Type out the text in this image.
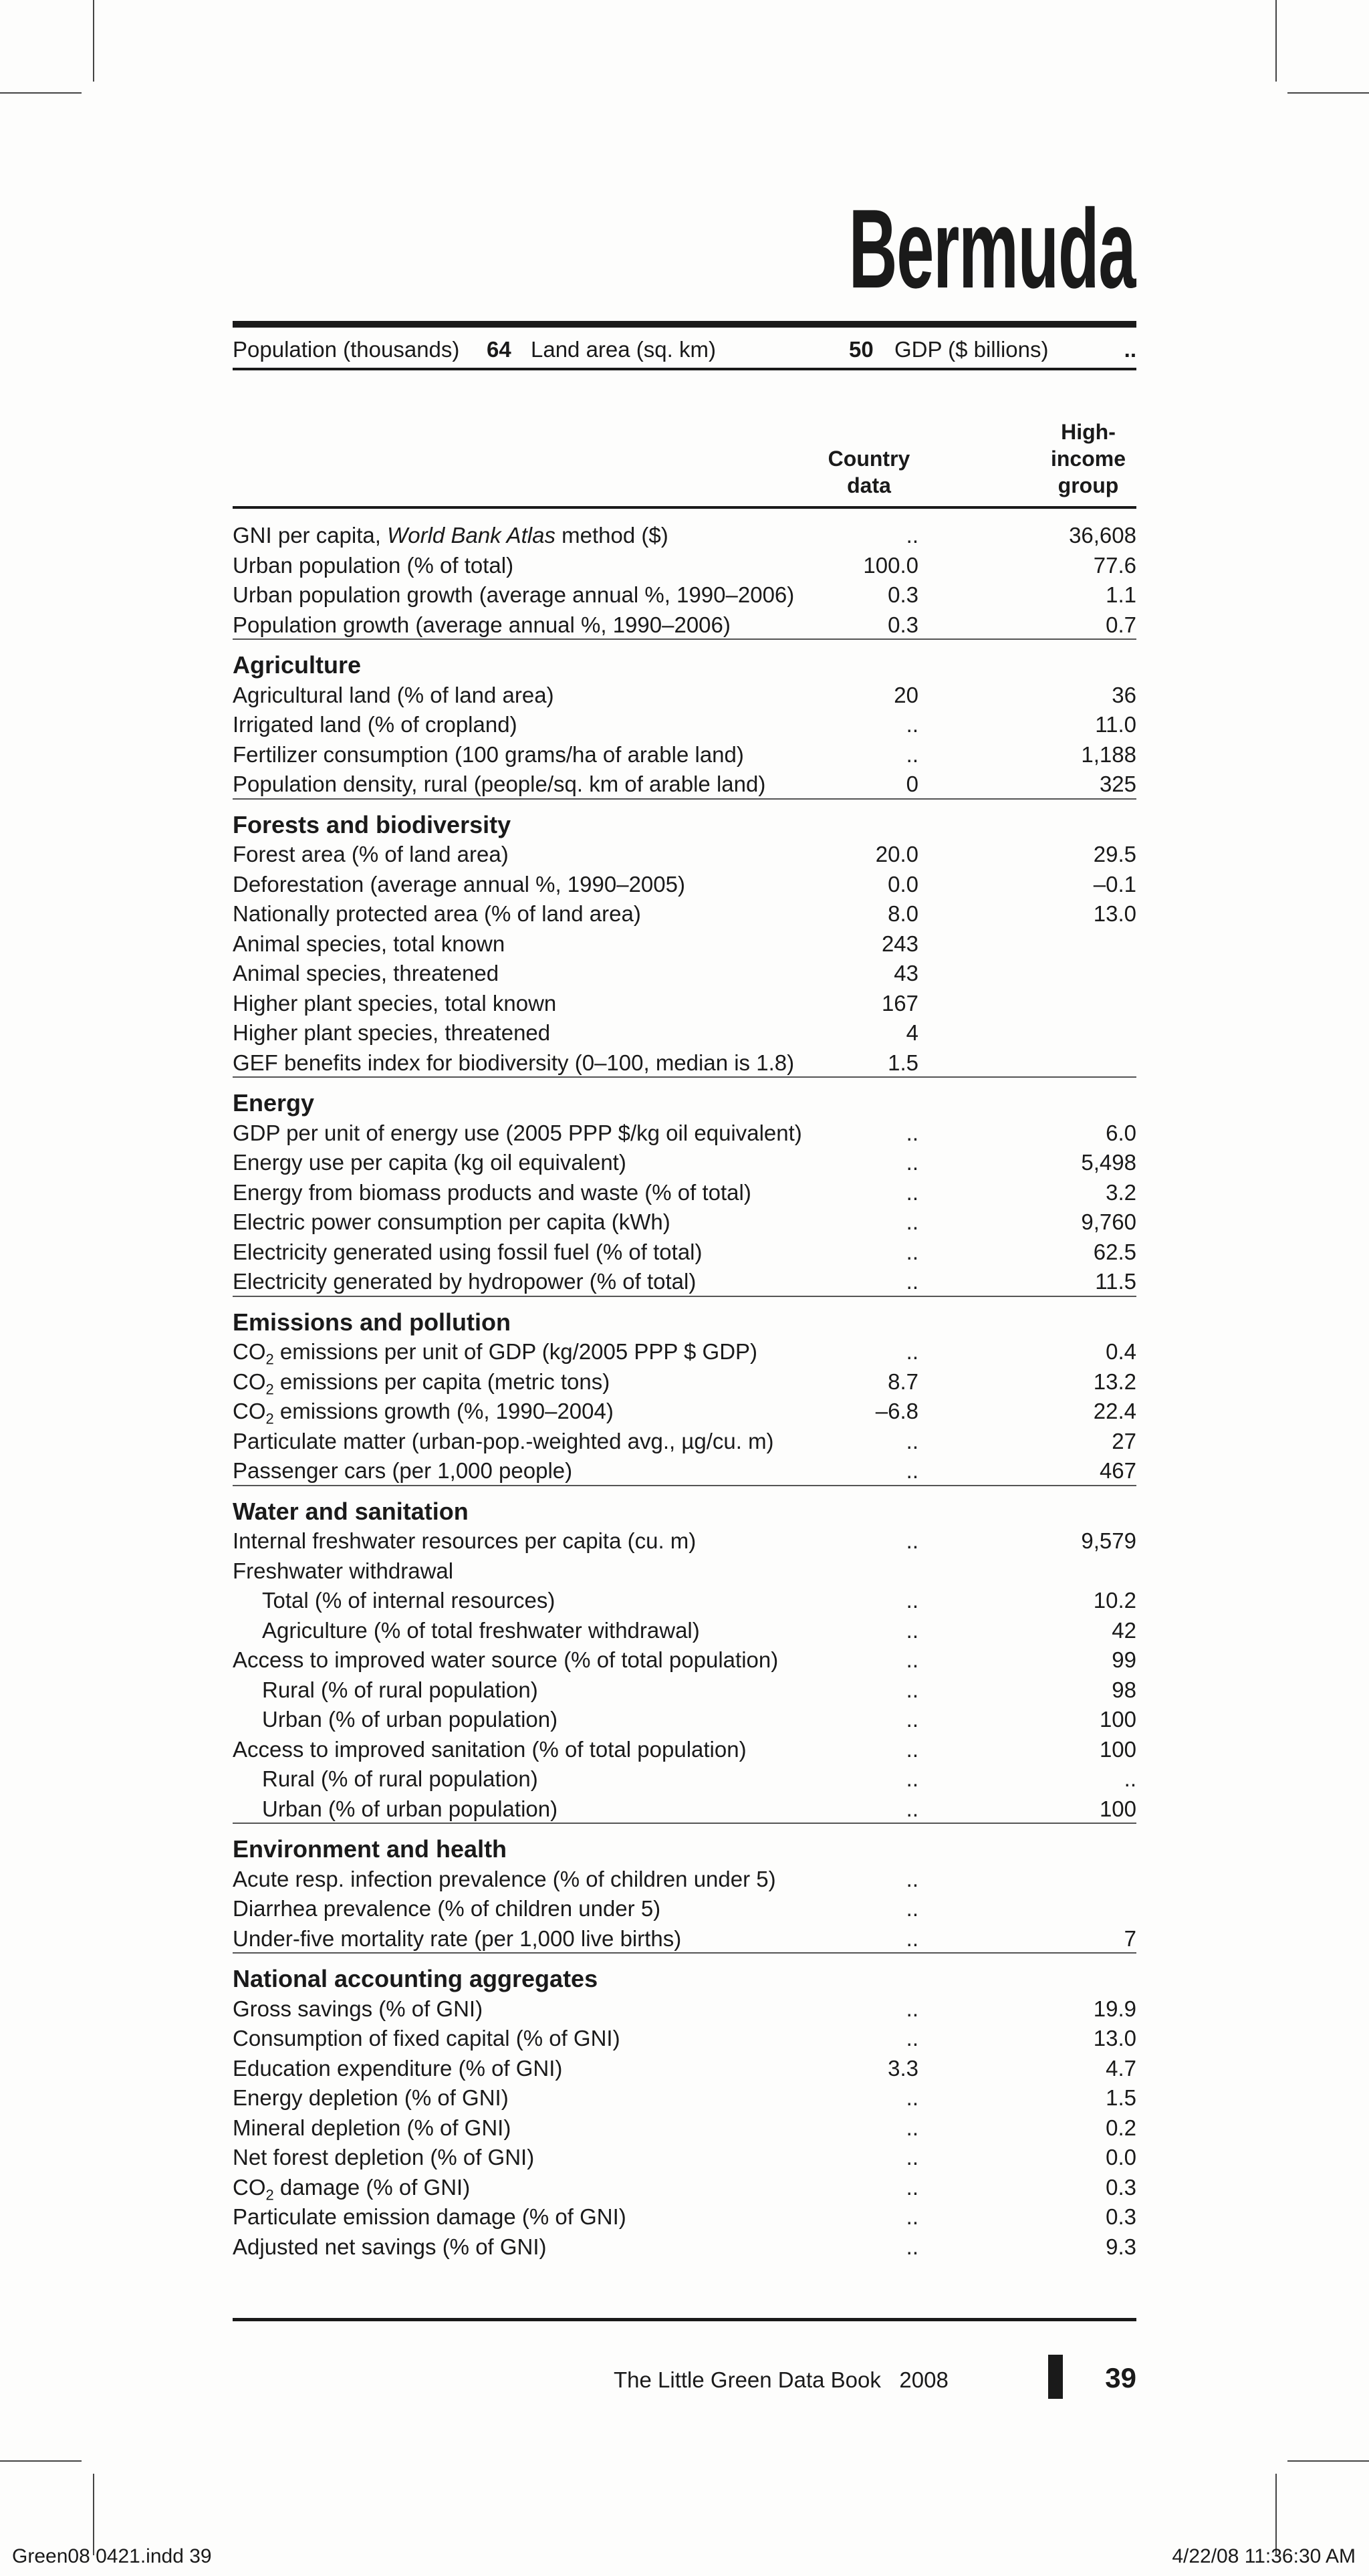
Bermuda
Population (thousands) 64 Land area (sq. km)	50 GDP ($ billions)	..
Country
data
High-
income
group
GNI per capita, World Bank Atlas method ($)	..	36,608
Urban population (% of total)	100.0	77.6
Urban population growth (average annual %, 1990–2006)	0.3	1.1
Population growth (average annual %, 1990–2006)	0.3	0.7
Agriculture
Agricultural land (% of land area)	20	36
Irrigated land (% of cropland)	..	11.0
Fertilizer consumption (100 grams/ha of arable land)	..	1,188
Population density, rural (people/sq. km of arable land)	0	325
Forests and biodiversity
Forest area (% of land area)	20.0	29.5
Deforestation (average annual %, 1990–2005)	0.0	–0.1
Nationally protected area (% of land area)	8.0	13.0
Animal species, total known	243
Animal species, threatened	43
Higher plant species, total known	167
Higher plant species, threatened	4
GEF benefits index for biodiversity (0–100, median is 1.8)	1.5
Energy
GDP per unit of energy use (2005 PPP $/kg oil equivalent)	..	6.0
Energy use per capita (kg oil equivalent)	..	5,498
Energy from biomass products and waste (% of total)	..	3.2
Electric power consumption per capita (kWh)	..	9,760
Electricity generated using fossil fuel (% of total)	..	62.5
Electricity generated by hydropower (% of total)	..	11.5
Emissions and pollution
$CO_2$ emissions per unit of GDP (kg/2005 PPP $ GDP)	..	0.4
$CO_2$ emissions per capita (metric tons)	8.7	13.2
$CO_2$ emissions growth (%, 1990–2004)	–6.8	22.4
Particulate matter (urban-pop.-weighted avg., µg/cu. m)	..	27
Passenger cars (per 1,000 people)	..	467
Water and sanitation
Internal freshwater resources per capita (cu. m)	..	9,579
Freshwater withdrawal
Total (% of internal resources)	..	10.2
Agriculture (% of total freshwater withdrawal)	..	42
Access to improved water source (% of total population)	..	99
Rural (% of rural population)	..	98
Urban (% of urban population)	..	100
Access to improved sanitation (% of total population)	..	100
Rural (% of rural population)	..	..
Urban (% of urban population)	..	100
Environment and health
Acute resp. infection prevalence (% of children under 5)	..
Diarrhea prevalence (% of children under 5)	..
Under-five mortality rate (per 1,000 live births)	..	7
National accounting aggregates
Gross savings (% of GNI)	..	19.9
Consumption of fixed capital (% of GNI)	..	13.0
Education expenditure (% of GNI)	3.3	4.7
Energy depletion (% of GNI)	..	1.5
Mineral depletion (% of GNI)	..	0.2
Net forest depletion (% of GNI)	..	0.0
$CO_2$ damage (% of GNI)	..	0.3
Particulate emission damage (% of GNI)	..	0.3
Adjusted net savings (% of GNI)	..	9.3
The Little Green Data Book 2008	39
Green08 0421.indd 39	4/22/08 11:36:30 AM
